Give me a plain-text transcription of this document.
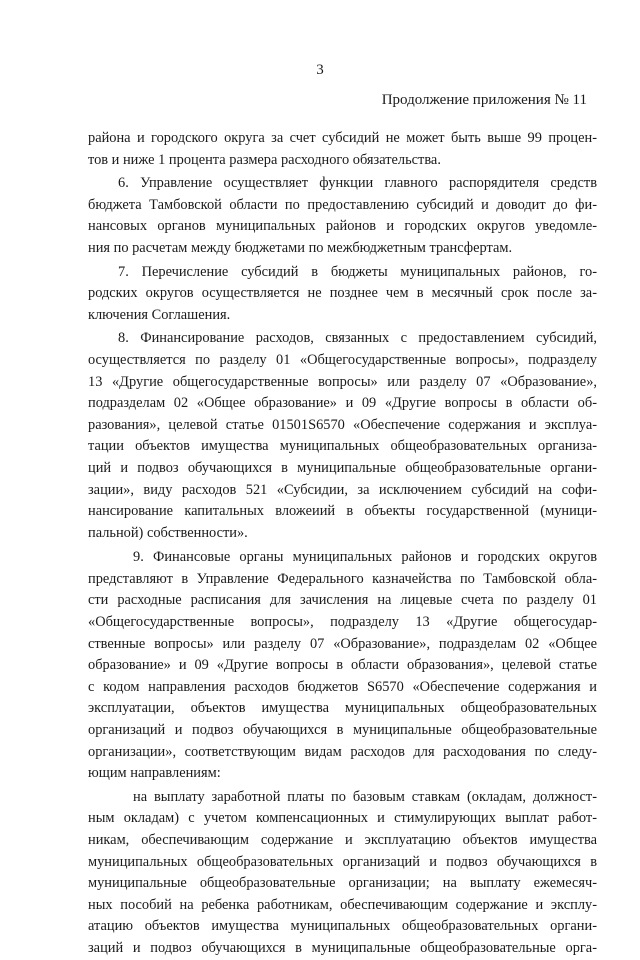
3
Продолжение приложения № 11
района и городского округа за счет субсидий не может быть выше 99 процен-
тов и ниже 1 процента размера расходного обязательства.
6. Управление осуществляет функции главного распорядителя средств
бюджета Тамбовской области по предоставлению субсидий и доводит до фи-
нансовых органов муниципальных районов и городских округов уведомле-
ния по расчетам между бюджетами по межбюджетным трансфертам.
7. Перечисление субсидий в бюджеты муниципальных районов, го-
родских округов осуществляется не позднее чем в месячный срок после за-
ключения Соглашения.
8. Финансирование расходов, связанных с предоставлением субсидий,
осуществляется по разделу 01 «Общегосударственные вопросы», подразделу
13 «Другие общегосударственные вопросы» или разделу 07 «Образование»,
подразделам 02 «Общее образование» и 09 «Другие вопросы в области об-
разования», целевой статье 01501S6570 «Обеспечение содержания и эксплуа-
тации объектов имущества муниципальных общеобразовательных организа-
ций и подвоз обучающихся в муниципальные общеобразовательные органи-
зации», виду расходов 521 «Субсидии, за исключением субсидий на софи-
нансирование капитальных вложеиий в объекты государственной (муници-
пальной) собственности».
9. Финансовые органы муниципальных районов и городских округов
представляют в Управление Федерального казначейства по Тамбовской обла-
сти расходные расписания для зачисления на лицевые счета по разделу 01
«Общегосударственные вопросы», подразделу 13 «Другие общегосудар-
ственные вопросы» или разделу 07 «Образование», подразделам 02 «Общее
образование» и 09 «Другие вопросы в области образования», целевой статье
с кодом направления расходов бюджетов S6570 «Обеспечение содержания и
эксплуатации, объектов имущества муниципальных общеобразовательных
организаций и подвоз обучающихся в муниципальные общеобразовательные
организации», соответствующим видам расходов для расходования по следу-
ющим направлениям:
на выплату заработной платы по базовым ставкам (окладам, должност-
ным окладам) с учетом компенсационных и стимулирующих выплат работ-
никам, обеспечивающим содержание и эксплуатацию объектов имущества
муниципальных общеобразовательных организаций и подвоз обучающихся в
муниципальные общеобразовательные организации; на выплату ежемесяч-
ных пособий на ребенка работникам, обеспечивающим содержание и эксплу-
атацию объектов имущества муниципальных общеобразовательных органи-
заций и подвоз обучающихся в муниципальные общеобразовательные орга-
